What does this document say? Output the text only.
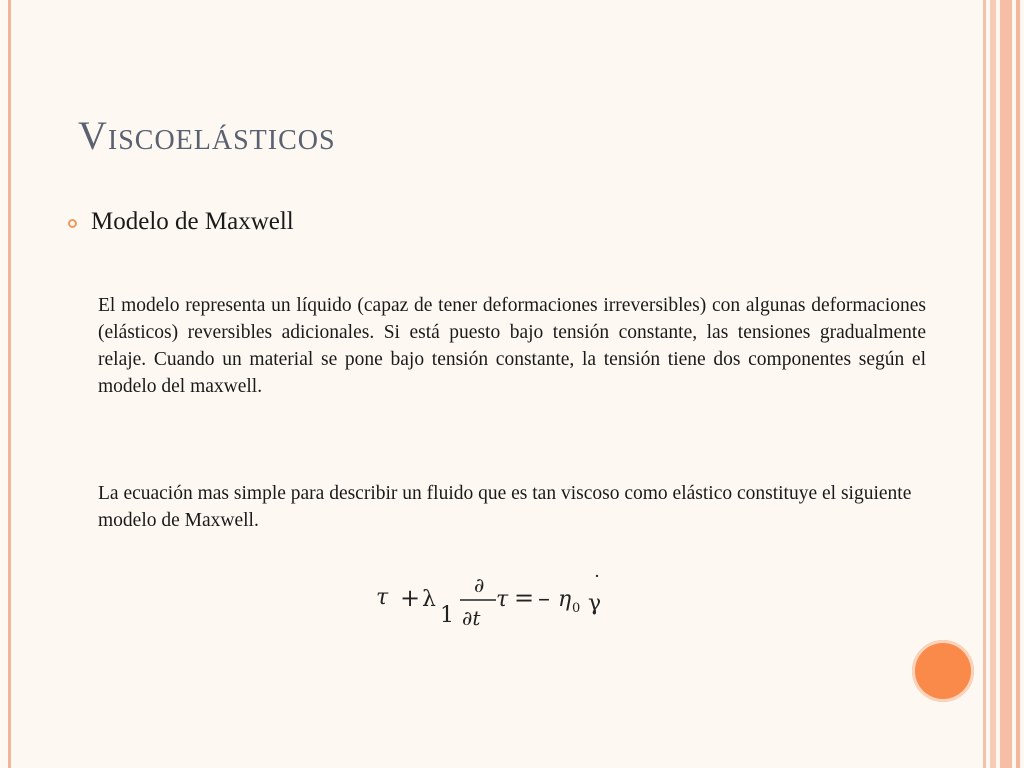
Viscoelásticos
Modelo de Maxwell

El modelo representa un líquido (capaz de tener deformaciones irreversibles) con algunas deformaciones (elásticos) reversibles adicionales. Si está puesto bajo tensión constante, las tensiones gradualmente relaje. Cuando un material se pone bajo tensión constante, la tensión tiene dos componentes según el modelo del maxwell.

La ecuación mas simple para describir un fluido que es tan viscoso como elástico constituye el siguiente modelo de Maxwell.

τ + λ
1
∂
∂t
τ = – η 0 γ
˙
